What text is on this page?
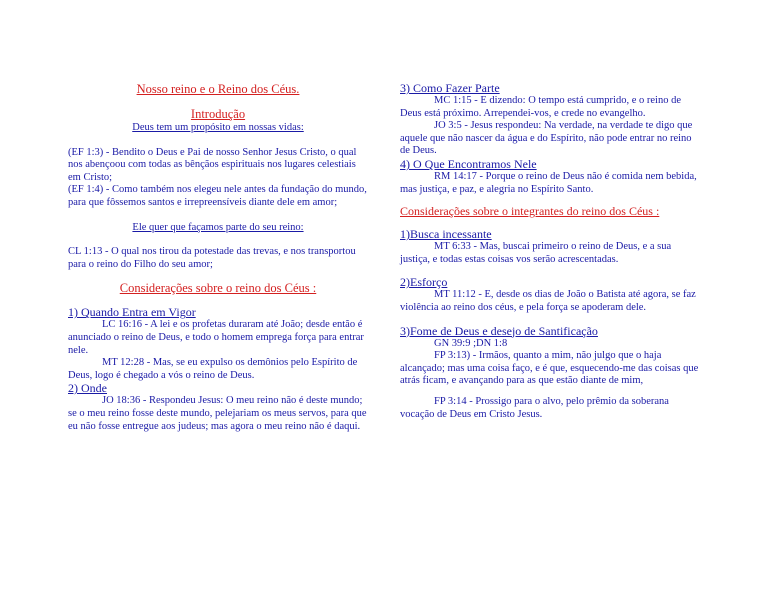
Nosso reino e o Reino dos Céus.

Introdução

Deus tem um propósito em nossas vidas:

(EF 1:3) - Bendito o Deus e Pai de nosso Senhor Jesus Cristo, o qual nos abençoou com todas as bênçãos espirituais nos lugares celestiais em Cristo;

(EF 1:4) - Como também nos elegeu nele antes da fundação do mundo, para que fôssemos santos e irrepreensíveis diante dele em amor;

Ele quer que façamos parte do seu reino:

CL 1:13 - O qual nos tirou da potestade das trevas, e nos transportou para o reino do Filho do seu amor;

Considerações sobre o reino dos Céus :

1) Quando Entra em Vigor

LC 16:16 - A lei e os profetas duraram até João; desde então é anunciado o reino de Deus, e todo o homem emprega força para entrar nele.

MT 12:28 - Mas, se eu expulso os demônios pelo Espírito de Deus, logo é chegado a vós o reino de Deus.

2) Onde

JO 18:36 - Respondeu Jesus: O meu reino não é deste mundo; se o meu reino fosse deste mundo, pelejariam os meus servos, para que eu não fosse entregue aos judeus; mas agora o meu reino não é daqui.

3) Como Fazer Parte

MC 1:15 - E dizendo: O tempo está cumprido, e o reino de Deus está próximo. Arrependei-vos, e crede no evangelho.

JO 3:5 - Jesus respondeu: Na verdade, na verdade te digo que aquele que não nascer da água e do Espírito, não pode entrar no reino de Deus.

4) O Que Encontramos Nele

RM 14:17 - Porque o reino de Deus não é comida nem bebida, mas justiça, e paz, e alegria no Espírito Santo.

Considerações sobre o integrantes do reino dos Céus :

1)Busca incessante

MT 6:33 - Mas, buscai primeiro o reino de Deus, e a sua justiça, e todas estas coisas vos serão acrescentadas.

2)Esforço

MT 11:12 - E, desde os dias de João o Batista até agora, se faz violência ao reino dos céus, e pela força se apoderam dele.

3)Fome de Deus e desejo de Santificação

GN 39:9 ;DN 1:8

FP 3:13) - Irmãos, quanto a mim, não julgo que o haja alcançado; mas uma coisa faço, e é que, esquecendo-me das coisas que atrás ficam, e avançando para as que estão diante de mim,

FP 3:14 - Prossigo para o alvo, pelo prêmio da soberana vocação de Deus em Cristo Jesus.
